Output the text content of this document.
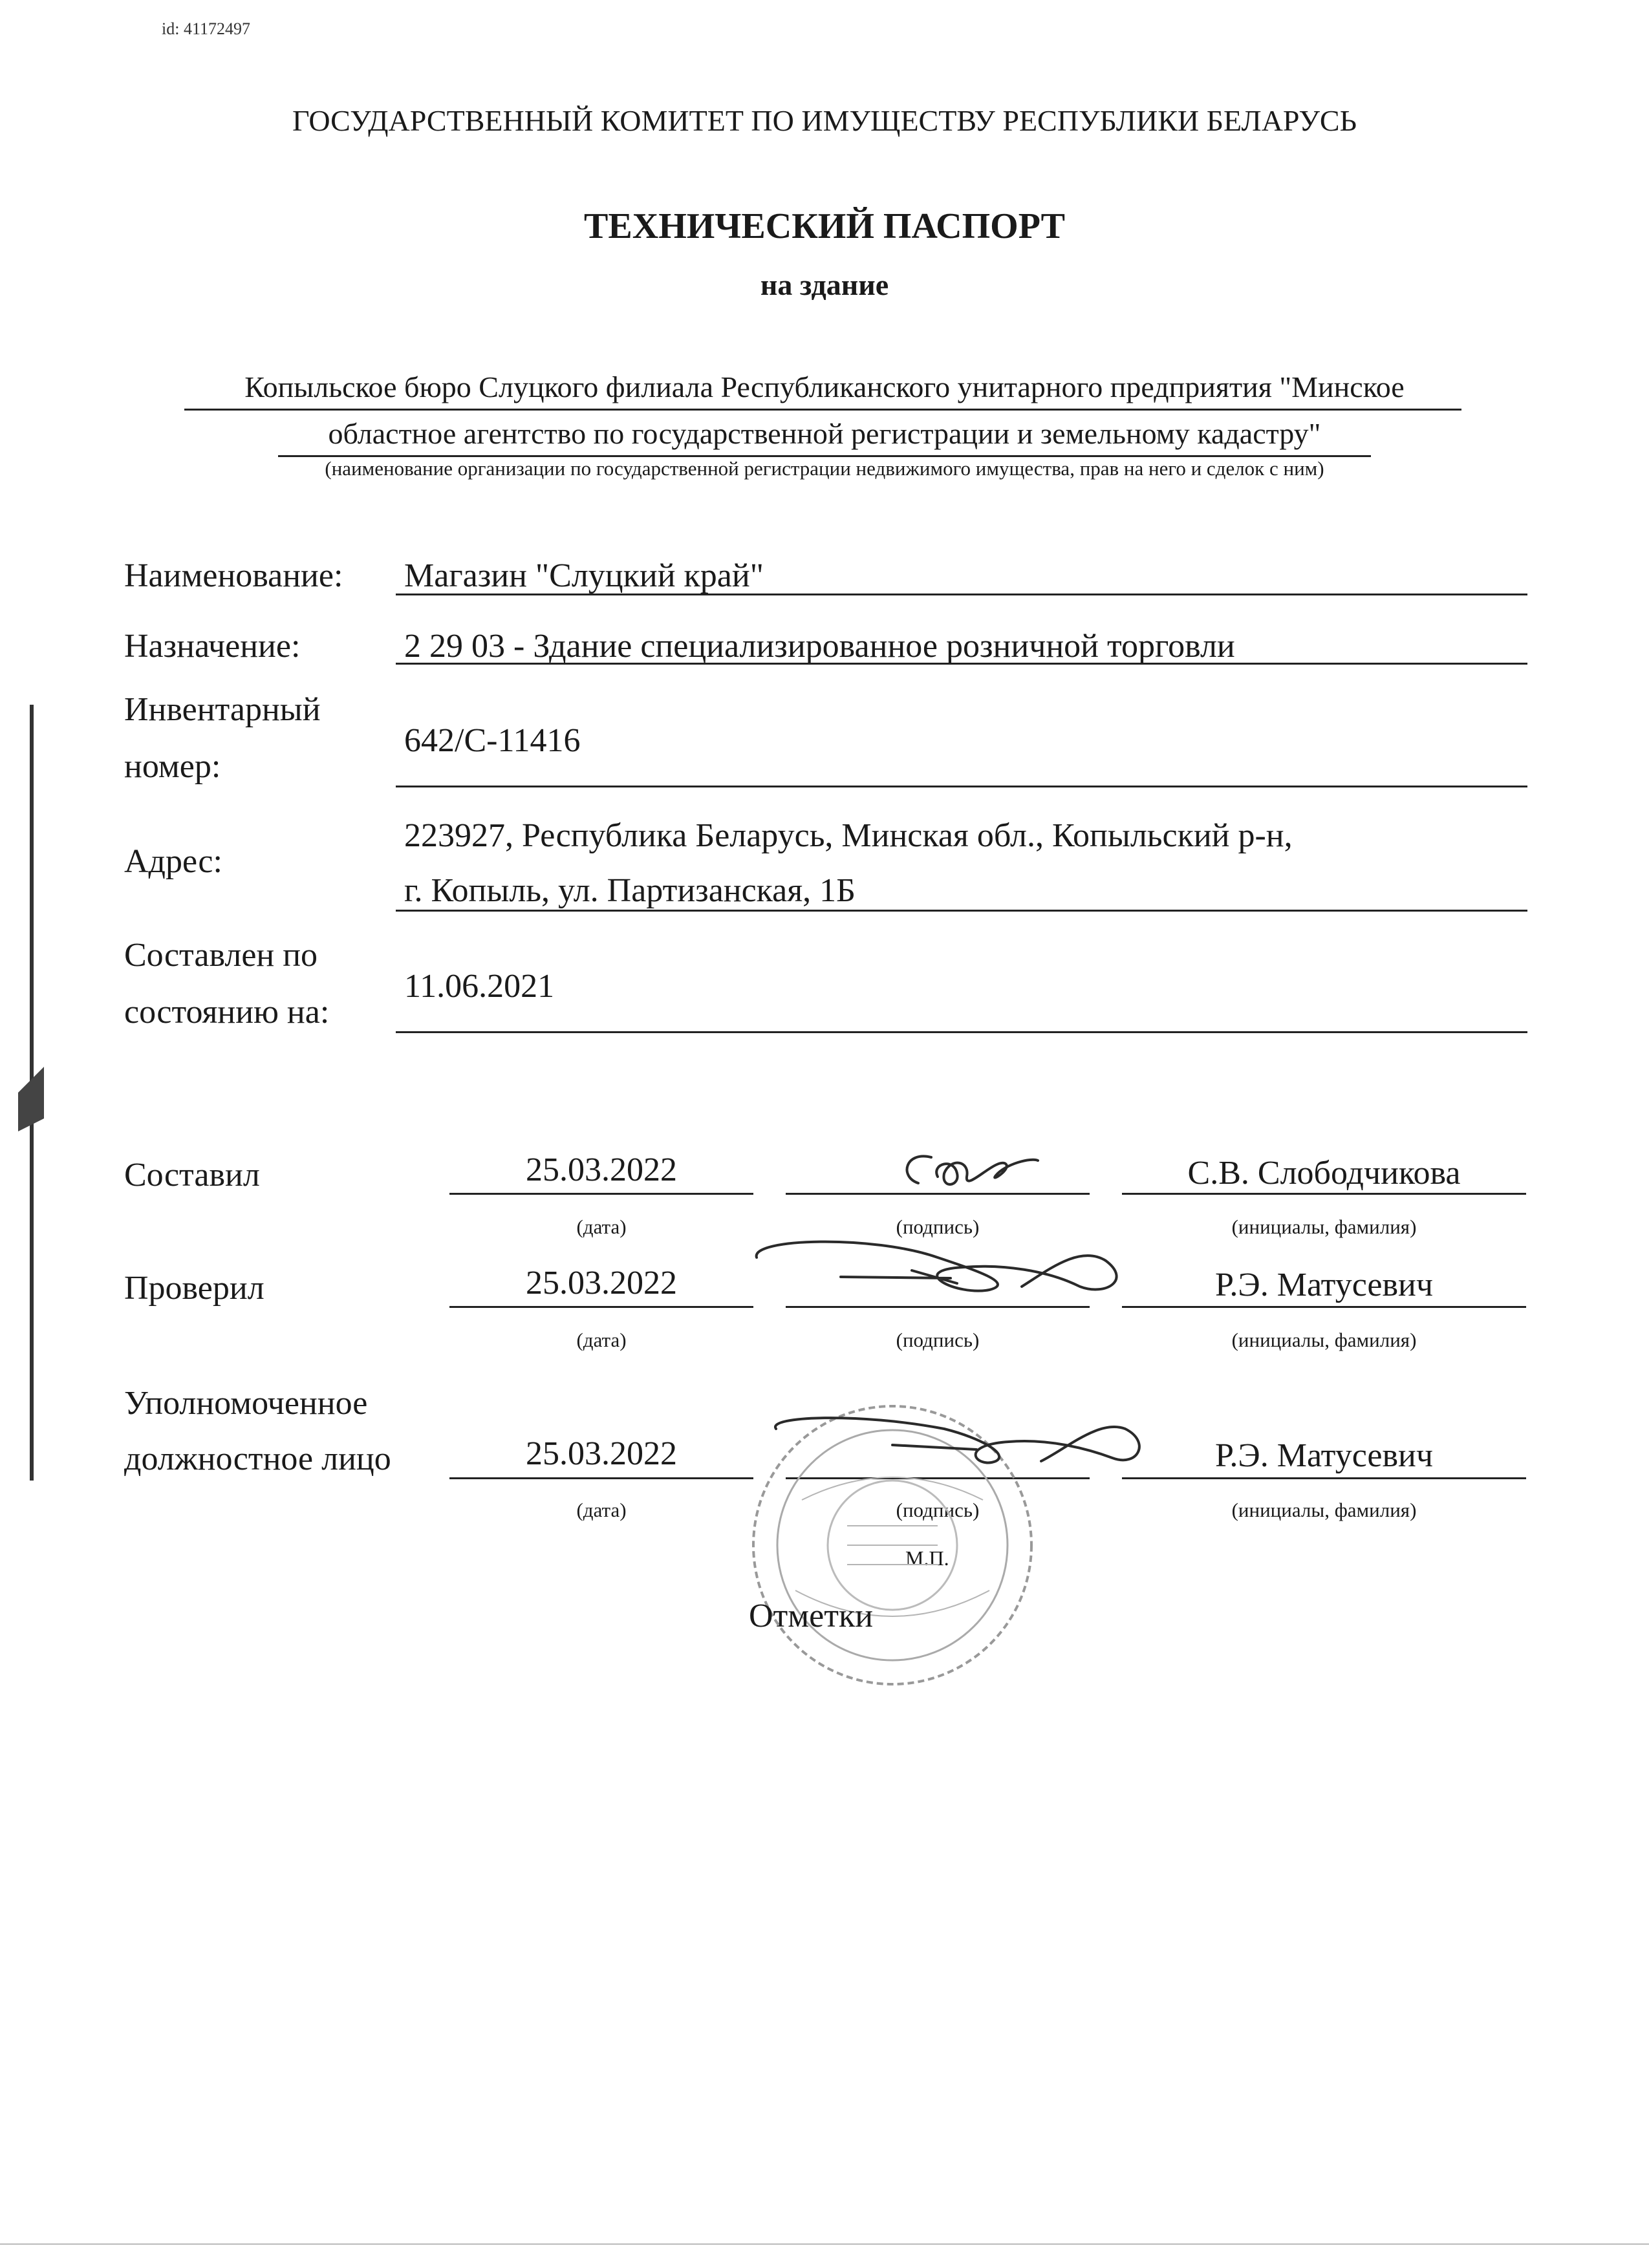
id: 41172497
ГОСУДАРСТВЕННЫЙ КОМИТЕТ ПО ИМУЩЕСТВУ РЕСПУБЛИКИ БЕЛАРУСЬ
ТЕХНИЧЕСКИЙ ПАСПОРТ
на здание
Копыльское бюро Слуцкого филиала Республиканского унитарного предприятия "Минское
областное агентство по государственной регистрации и земельному кадастру"
(наименование организации по государственной регистрации недвижимого имущества, прав на него и сделок с ним)
Наименование: Магазин "Слуцкий край"
Назначение:	2 29 03 - Здание специализированное розничной торговли
Инвентарный
номер:
642/С-11416
223927, Республика Беларусь, Минская обл., Копыльский р-н,
Адрес:
г. Копыль, ул. Партизанская, 1Б
Составлен по
состоянию на:
11.06.2021
Составил	25.03.2022	С.В. Слободчикова
(дата)	(подпись)	(инициалы, фамилия)
Проверил	25.03.2022	Р.Э. Матусевич
(дата)	(подпись)	(инициалы, фамилия)
Уполномоченное
должностное лицо	25.03.2022	Р.Э. Матусевич
(дата)	(подпись)	(инициалы, фамилия)
М.П.
Отметки
